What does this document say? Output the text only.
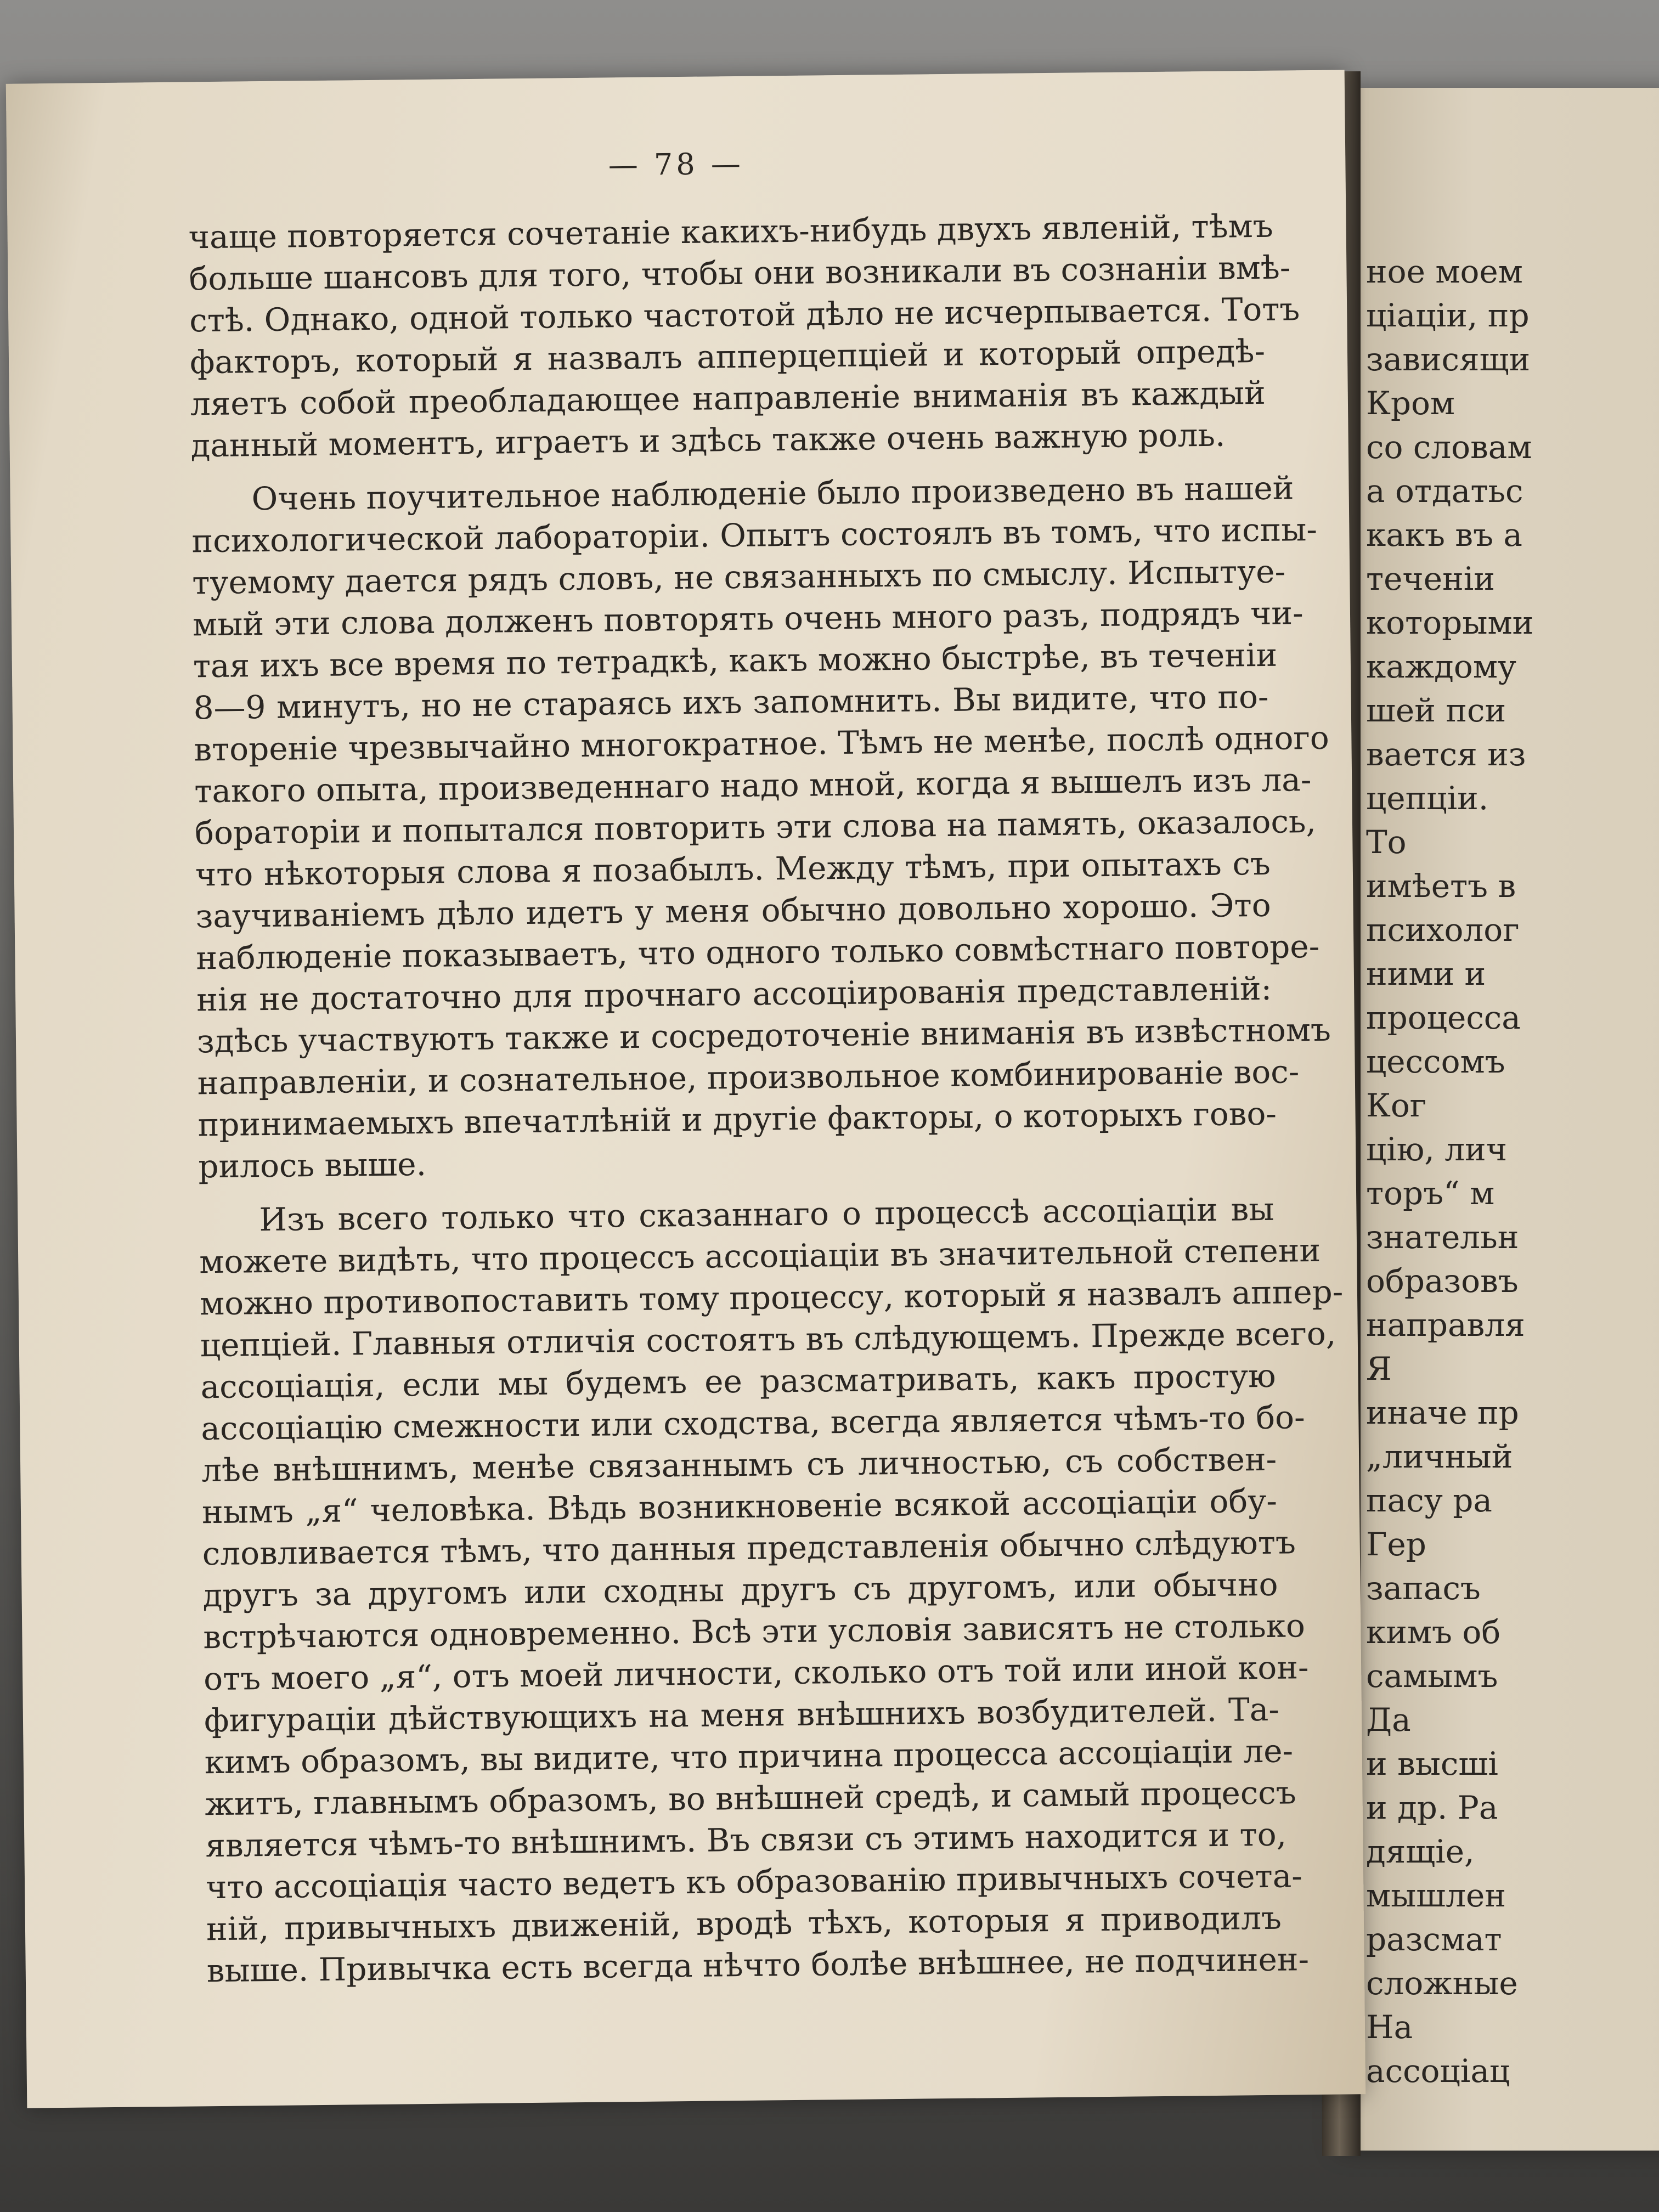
ное моем
ціаціи, пр
зависящи
Кром
со словам
а отдатьс
какъ въ а
теченіи
которыми
каждому
шей пси
вается из
цепціи.
То
имѣетъ в
психолог
ними и
процесса
цессомъ
Ког
цію, лич
торъ“ м
знательн
образовъ
направля
Я
иначе пр
„личный
пасу ра
Гер
запасъ
кимъ об
самымъ
Да
и высші
и др. Ра
дящіе,
мышлен
разсмат
сложные
На
ассоціац
— 78 —
чаще повторяется сочетаніе какихъ-нибудь двухъ явленій, тѣмъ
больше шансовъ для того, чтобы они возникали въ сознаніи вмѣ-
стѣ. Однако, одной только частотой дѣло не исчерпывается. Тотъ
факторъ, который я назвалъ апперцепціей и который опредѣ-
ляетъ собой преобладающее направленіе вниманія въ каждый
данный моментъ, играетъ и здѣсь также очень важную роль.
Очень поучительное наблюденіе было произведено въ нашей
психологической лабораторіи. Опытъ состоялъ въ томъ, что испы-
туемому дается рядъ словъ, не связанныхъ по смыслу. Испытуе-
мый эти слова долженъ повторять очень много разъ, подрядъ чи-
тая ихъ все время по тетрадкѣ, какъ можно быстрѣе, въ теченіи
8—9 минутъ, но не стараясь ихъ запомнить. Вы видите, что по-
втореніе чрезвычайно многократное. Тѣмъ не менѣе, послѣ одного
такого опыта, произведеннаго надо мной, когда я вышелъ изъ ла-
бораторіи и попытался повторить эти слова на память, оказалось,
что нѣкоторыя слова я позабылъ. Между тѣмъ, при опытахъ съ
заучиваніемъ дѣло идетъ у меня обычно довольно хорошо. Это
наблюденіе показываетъ, что одного только совмѣстнаго повторе-
нія не достаточно для прочнаго ассоцiированія представленій:
здѣсь участвуютъ также и сосредоточеніе вниманія въ извѣстномъ
направленіи, и сознательное, произвольное комбинированіе вос-
принимаемыхъ впечатлѣній и другіе факторы, о которыхъ гово-
рилось выше.
Изъ всего только что сказаннаго о процессѣ ассоціаціи вы
можете видѣть, что процессъ ассоціаціи въ значительной степени
можно противопоставить тому процессу, который я назвалъ аппер-
цепціей. Главныя отличія состоятъ въ слѣдующемъ. Прежде всего,
ассоціація, если мы будемъ ее разсматривать, какъ простую
ассоціацію смежности или сходства, всегда является чѣмъ-то бо-
лѣе внѣшнимъ, менѣе связаннымъ съ личностью, съ собствен-
нымъ „я“ человѣка. Вѣдь возникновеніе всякой ассоціаціи обу-
словливается тѣмъ, что данныя представленія обычно слѣдуютъ
другъ за другомъ или сходны другъ съ другомъ, или обычно
встрѣчаются одновременно. Всѣ эти условія зависятъ не столько
отъ моего „я“, отъ моей личности, сколько отъ той или иной кон-
фигураціи дѣйствующихъ на меня внѣшнихъ возбудителей. Та-
кимъ образомъ, вы видите, что причина процесса ассоціаціи ле-
житъ, главнымъ образомъ, во внѣшней средѣ, и самый процессъ
является чѣмъ-то внѣшнимъ. Въ связи съ этимъ находится и то,
что ассоціація часто ведетъ къ образованію привычныхъ сочета-
ній, привычныхъ движеній, вродѣ тѣхъ, которыя я приводилъ
выше. Привычка есть всегда нѣчто болѣе внѣшнее, не подчинен-
